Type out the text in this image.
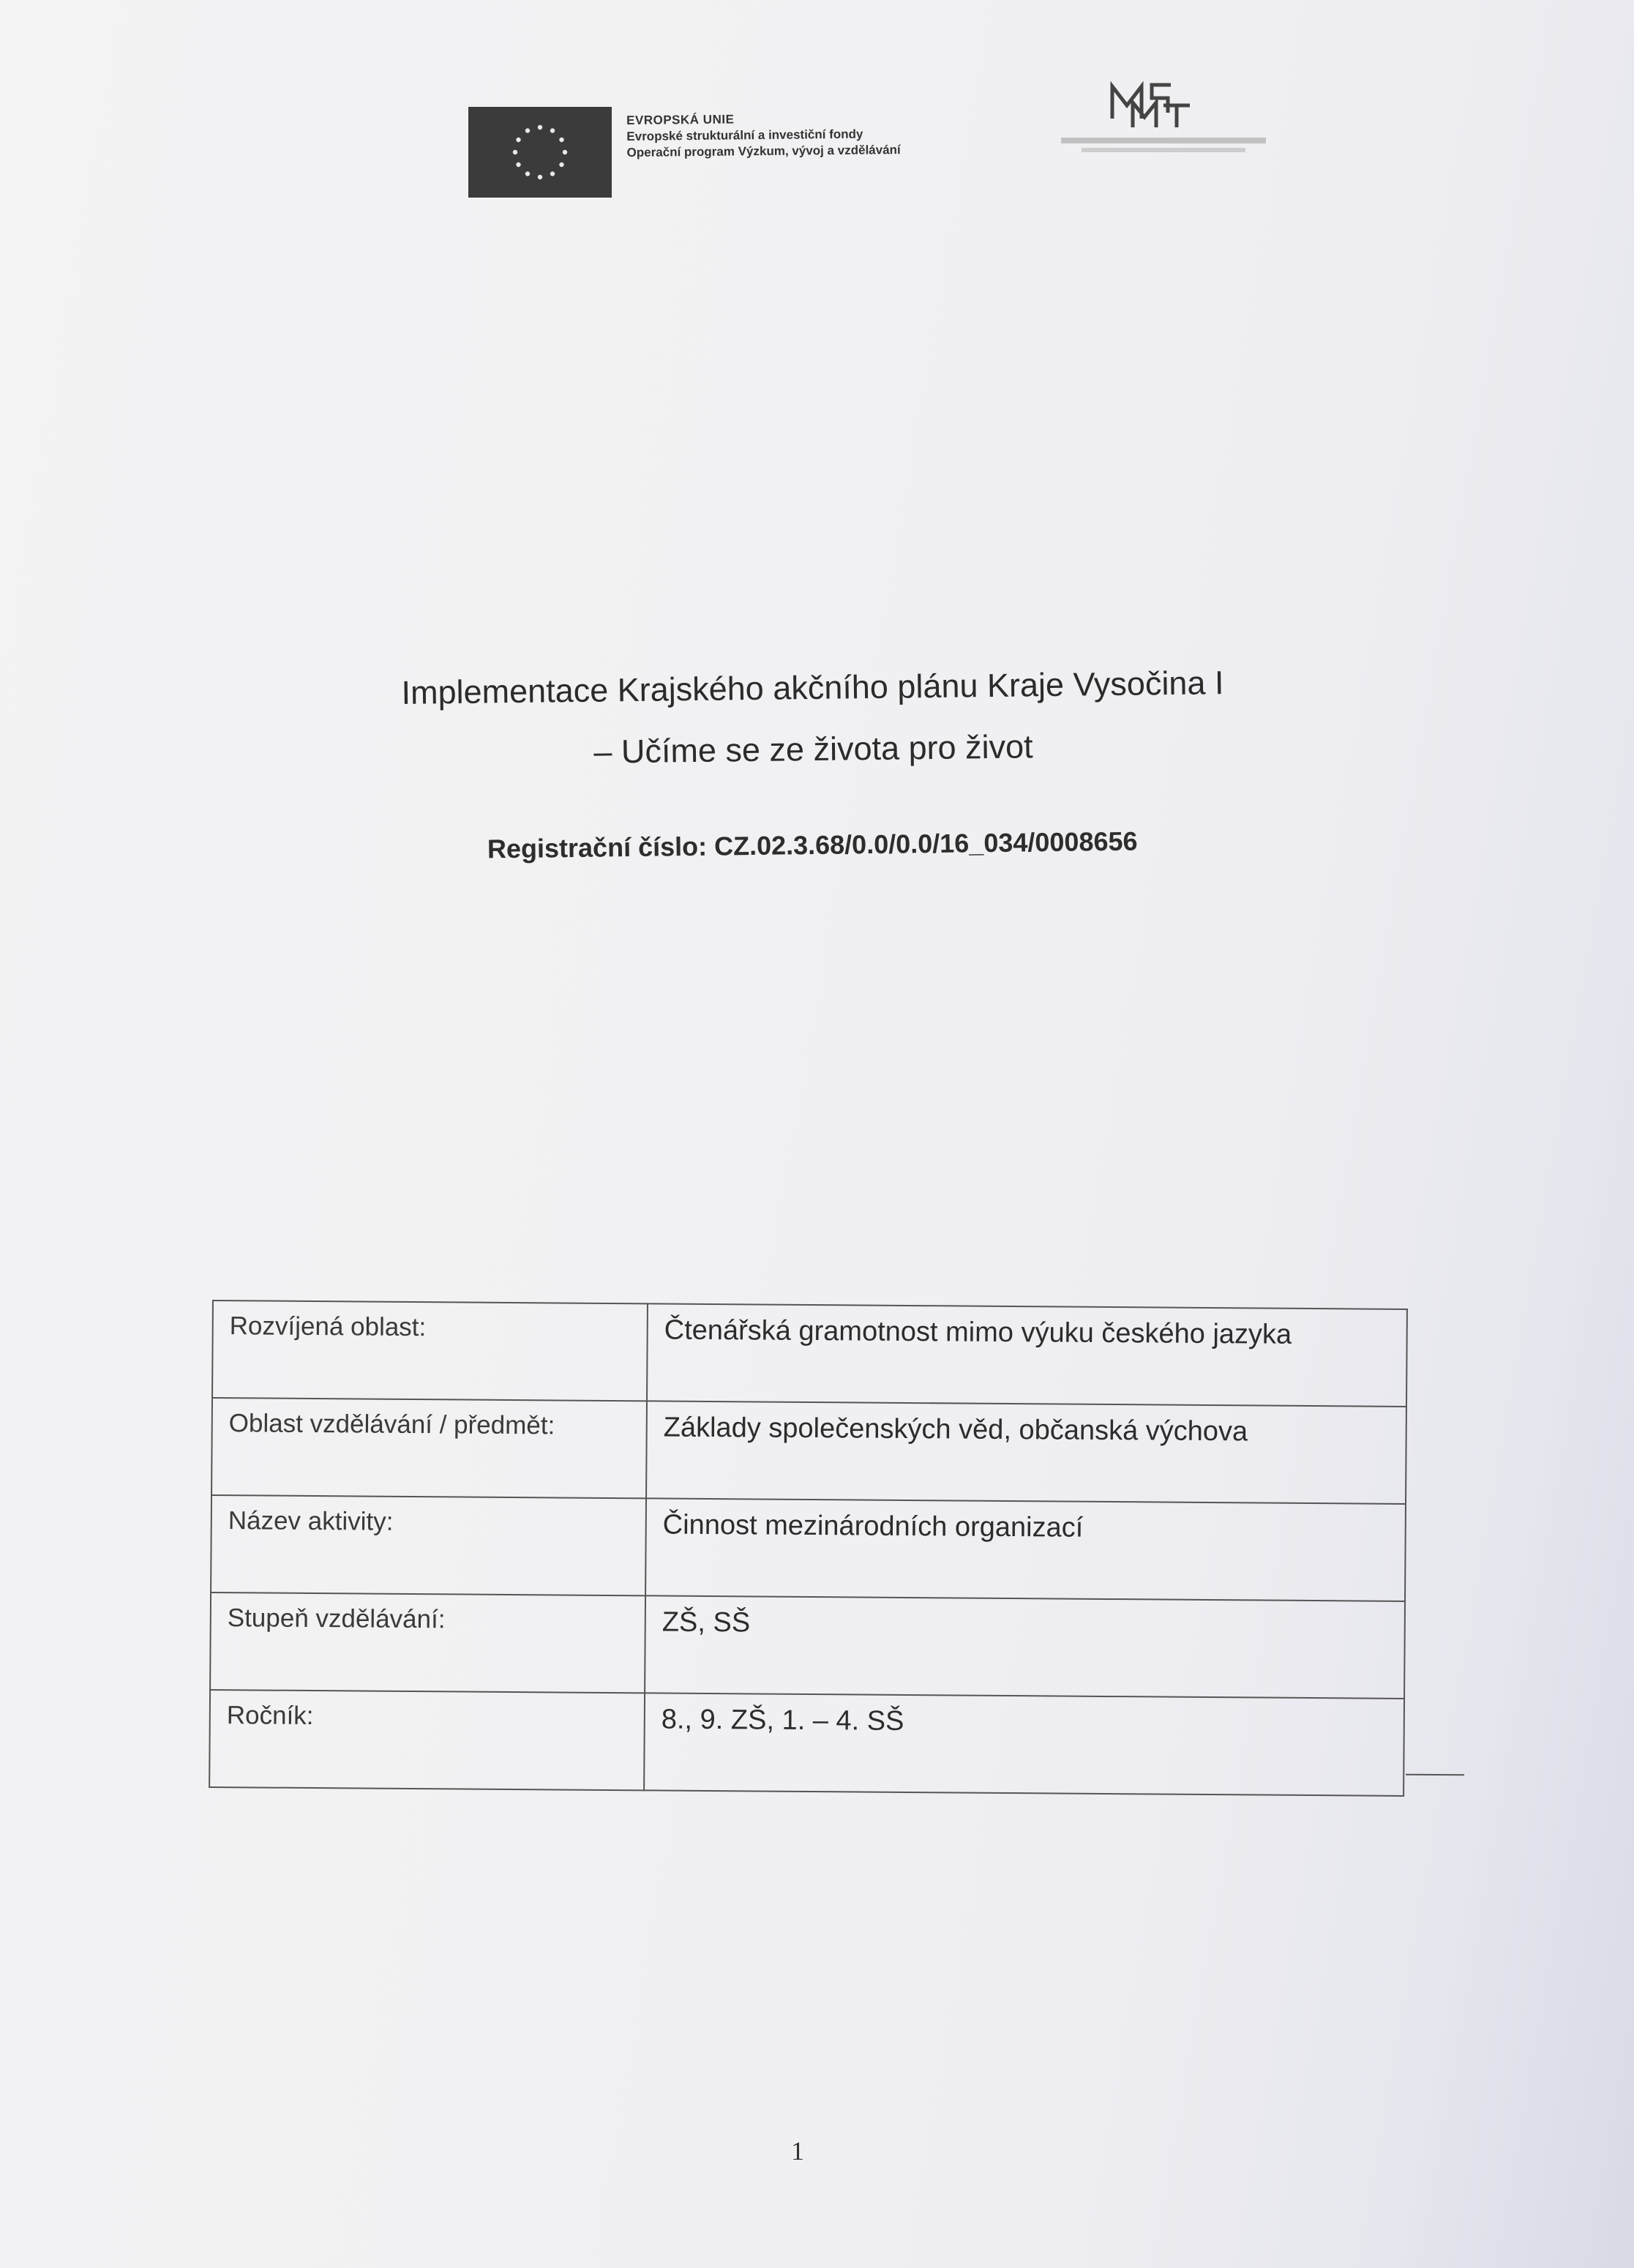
EVROPSKÁ UNIE
Evropské strukturální a investiční fondy
Operační program Výzkum, vývoj a vzdělávání
Implementace Krajského akčního plánu Kraje Vysočina I
– Učíme se ze života pro život
Registrační číslo: CZ.02.3.68/0.0/0.0/16_034/0008656
Rozvíjená oblast:	Čtenářská gramotnost mimo výuku českého jazyka
Oblast vzdělávání / předmět:	Základy společenských věd, občanská výchova
Název aktivity:	Činnost mezinárodních organizací
Stupeň vzdělávání:	ZŠ, SŠ
Ročník:	8., 9. ZŠ, 1. – 4. SŠ
1
